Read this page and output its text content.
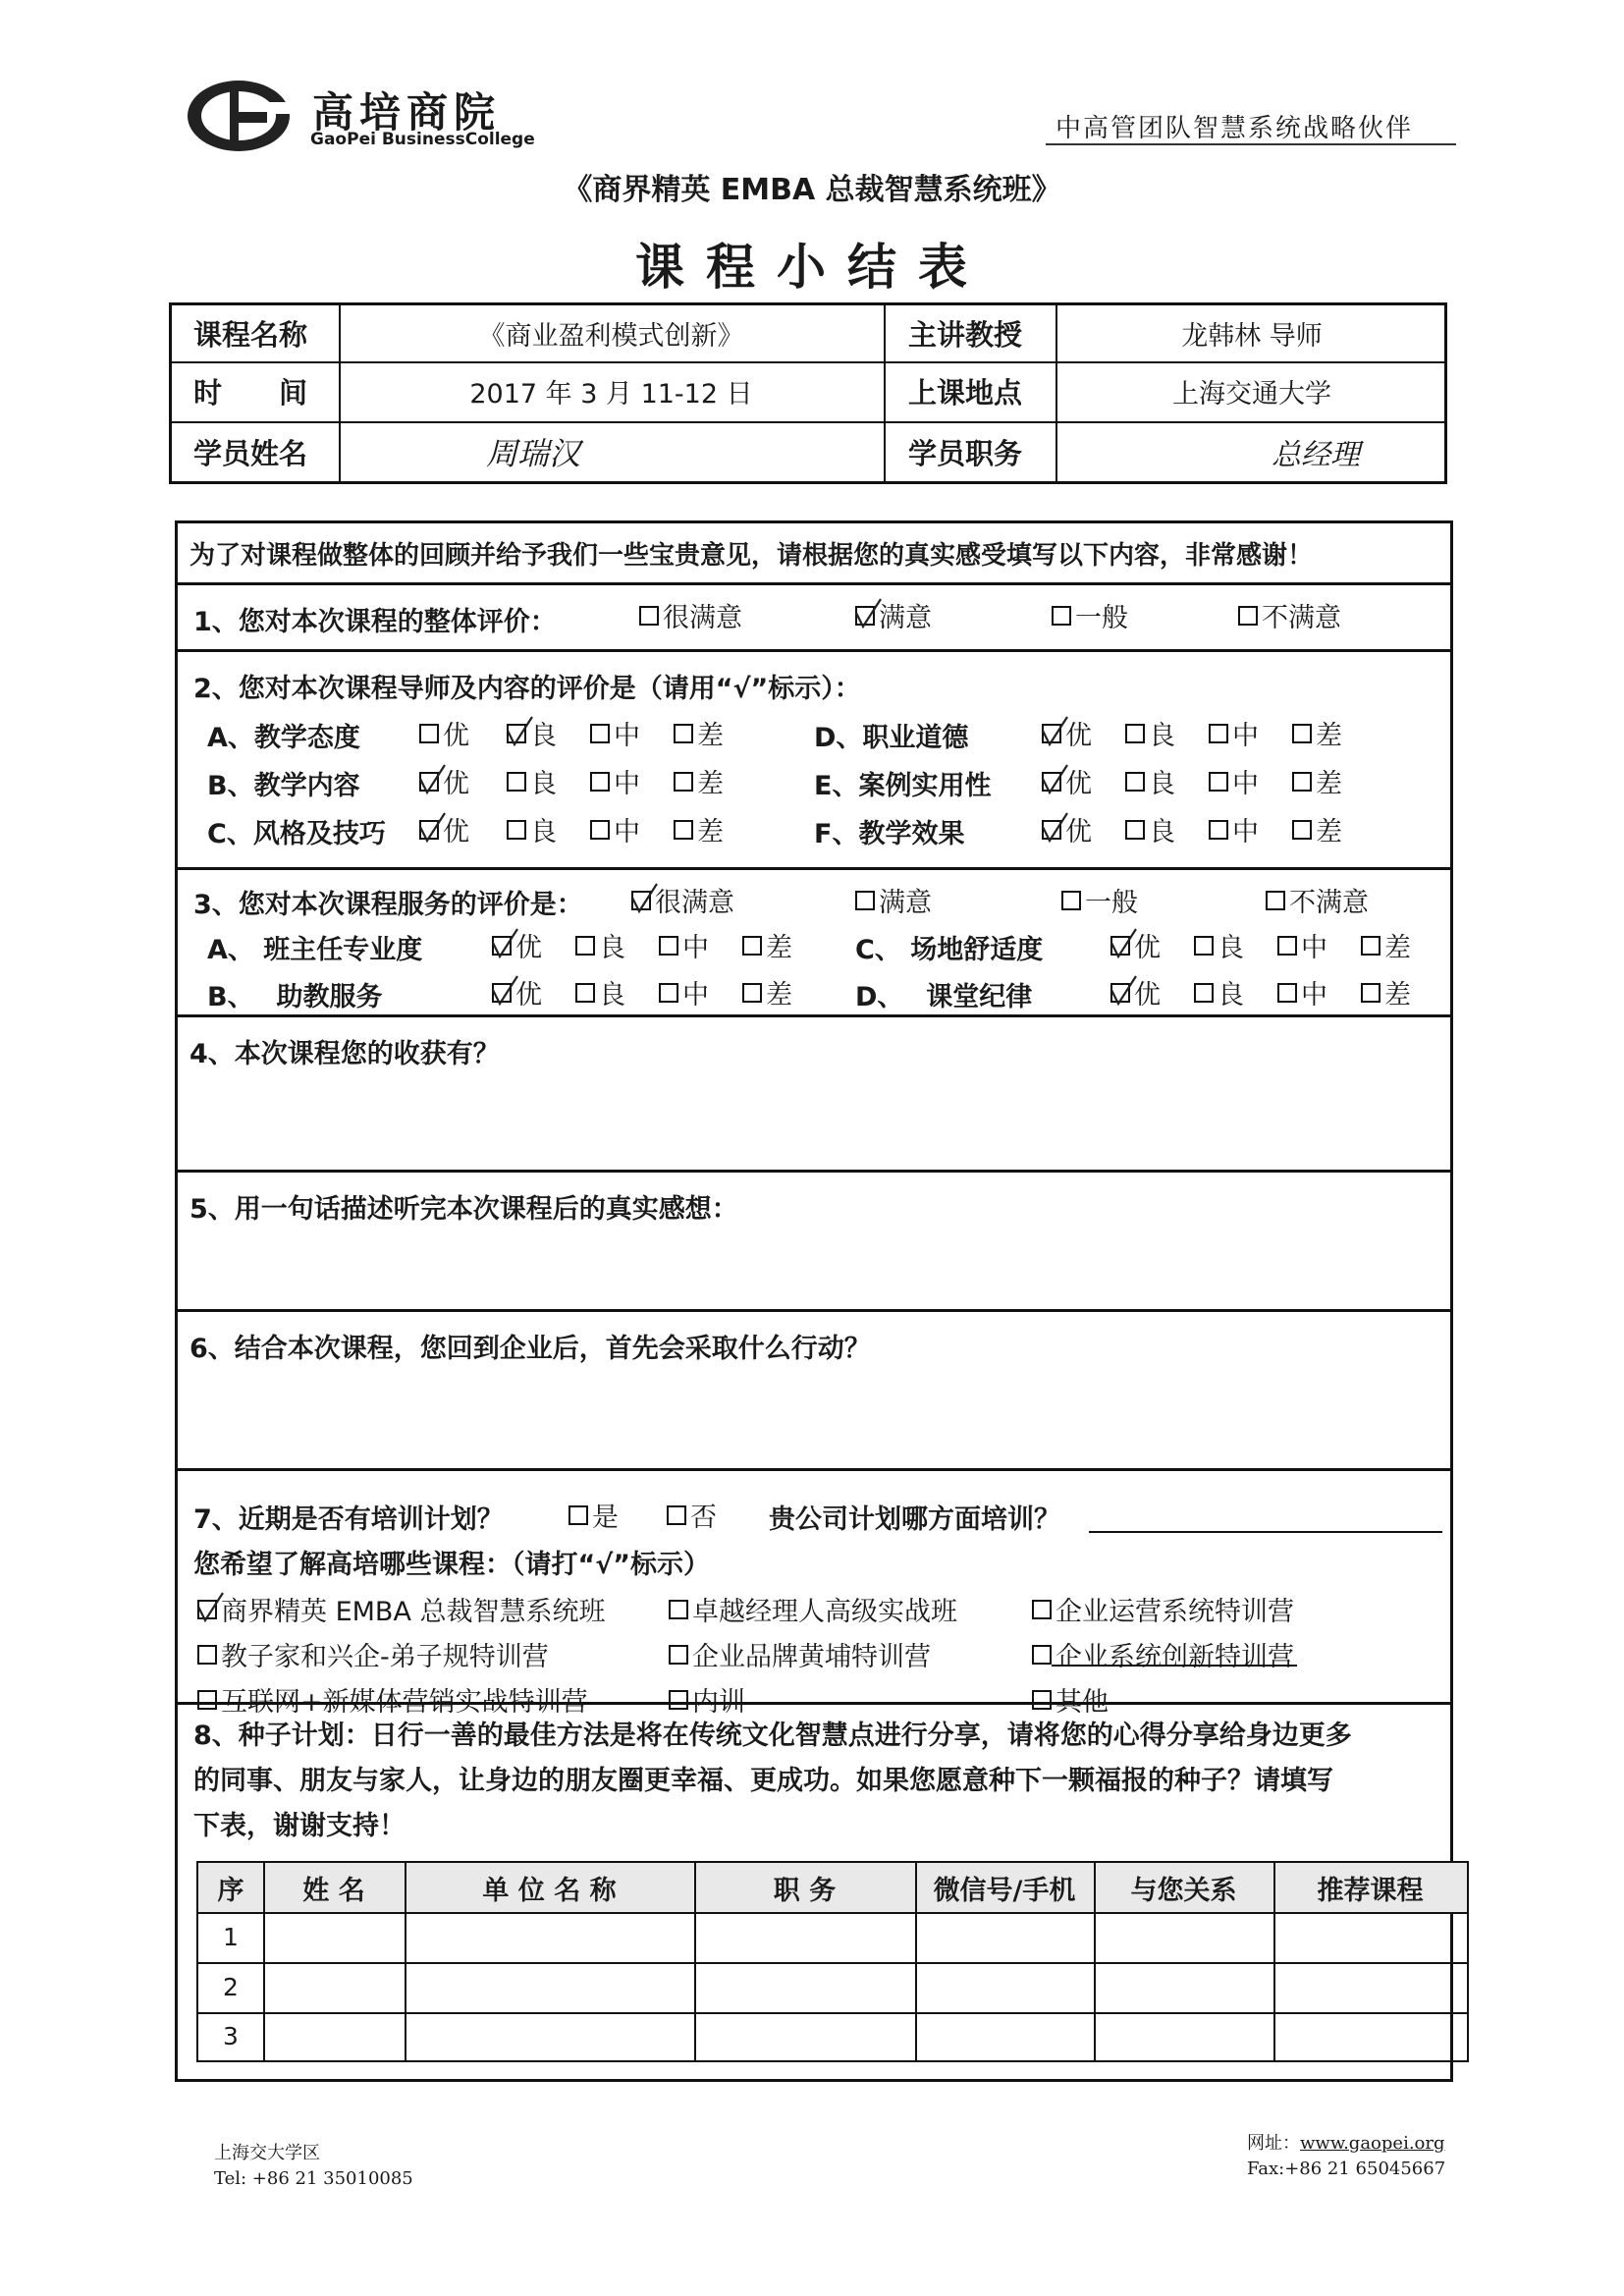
高培商院
GaoPei BusinessCollege	中高管团队智慧系统战略伙伴
《商界精英 EMBA 总裁智慧系统班》
课程小结表
课程名称	《商业盈利模式创新》	主讲教授	龙韩林 导师
时　　间	2017 年 3 月 11-12 日	上课地点	上海交通大学
学员姓名	周瑞汉	学员职务	总经理
为了对课程做整体的回顾并给予我们一些宝贵意见，请根据您的真实感受填写以下内容，非常感谢！
1、您对本次课程的整体评价：	很满意	满意	一般	不满意
2、您对本次课程导师及内容的评价是（请用“√”标示）：
A、教学态度	优 良 中 差
B、教学内容	优 良 中 差
C、风格及技巧 优 良 中 差
D、职业道德	优 良 中 差
E、案例实用性	优 良 中 差
F、教学效果	优 良 中 差
3、您对本次课程服务的评价是：	很满意	满意	一般	不满意
A、 班主任专业度	优 良 中 差
B、　 助教服务	优 良 中 差
C、 场地舒适度	优 良 中 差
D、　 课堂纪律	优 良 中 差
4、本次课程您的收获有？
5、用一句话描述听完本次课程后的真实感想：
6、结合本次课程，您回到企业后，首先会采取什么行动？
7、近期是否有培训计划？	是	否 贵公司计划哪方面培训？
您希望了解高培哪些课程：（请打“√”标示）
商界精英 EMBA 总裁智慧系统班	卓越经理人高级实战班	企业运营系统特训营
教子家和兴企-弟子规特训营	企业品牌黄埔特训营	企业系统创新特训营
互联网+新媒体营销实战特训营	内训	其他
8、种子计划：日行一善的最佳方法是将在传统文化智慧点进行分享，请将您的心得分享给身边更多
的同事、朋友与家人，让身边的朋友圈更幸福、更成功。如果您愿意种下一颗福报的种子？请填写
下表，谢谢支持！
序	姓 名	单 位 名 称	职 务	微信号/手机	与您关系	推荐课程
1
2
3
上海交大学区
Tel: +86 21 35010085
网址：www.gaopei.org
Fax:+86 21 65045667
